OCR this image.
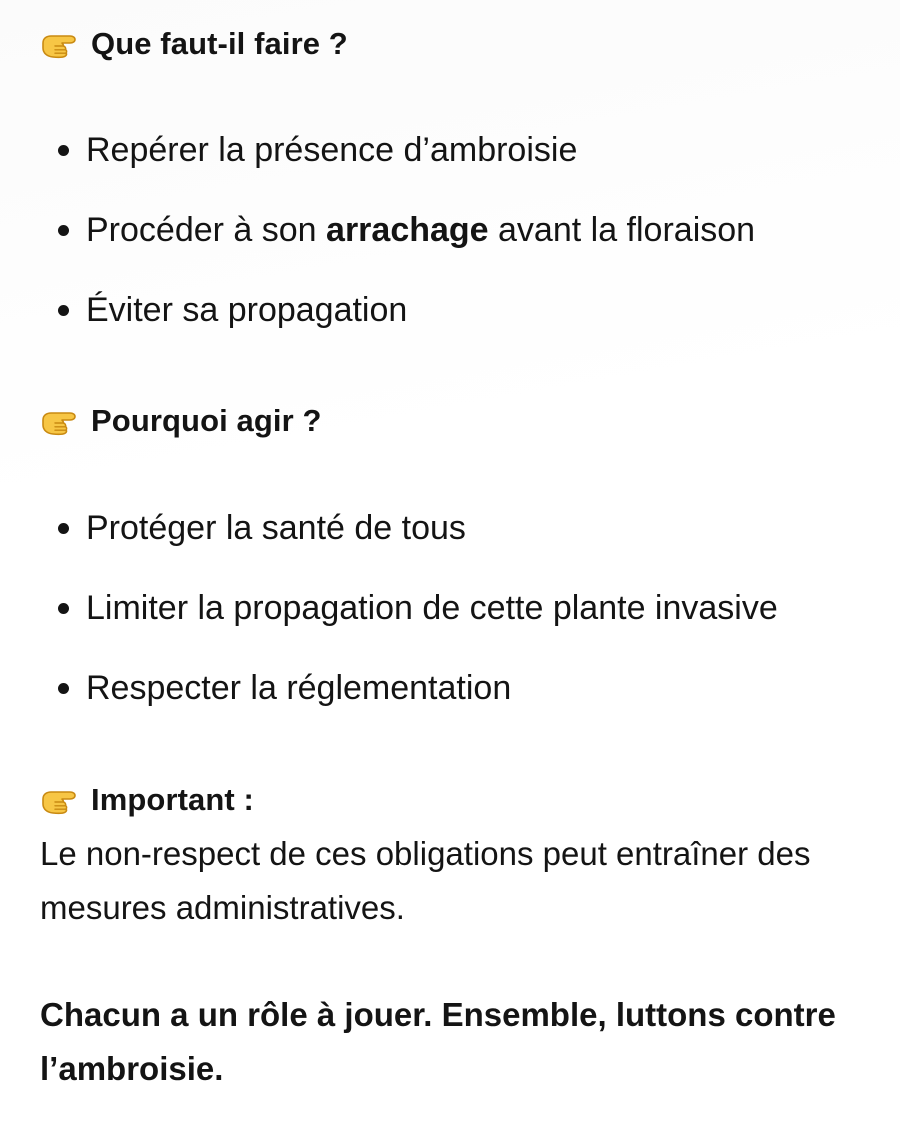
Que faut-il faire ?
Repérer la présence d’ambroisie
Procéder à son arrachage avant la floraison
Éviter sa propagation
Pourquoi agir ?
Protéger la santé de tous
Limiter la propagation de cette plante invasive
Respecter la réglementation
Important :
Le non-respect de ces obligations peut entraîner des mesures administratives.
Chacun a un rôle à jouer. Ensemble, luttons contre l’ambroisie.
